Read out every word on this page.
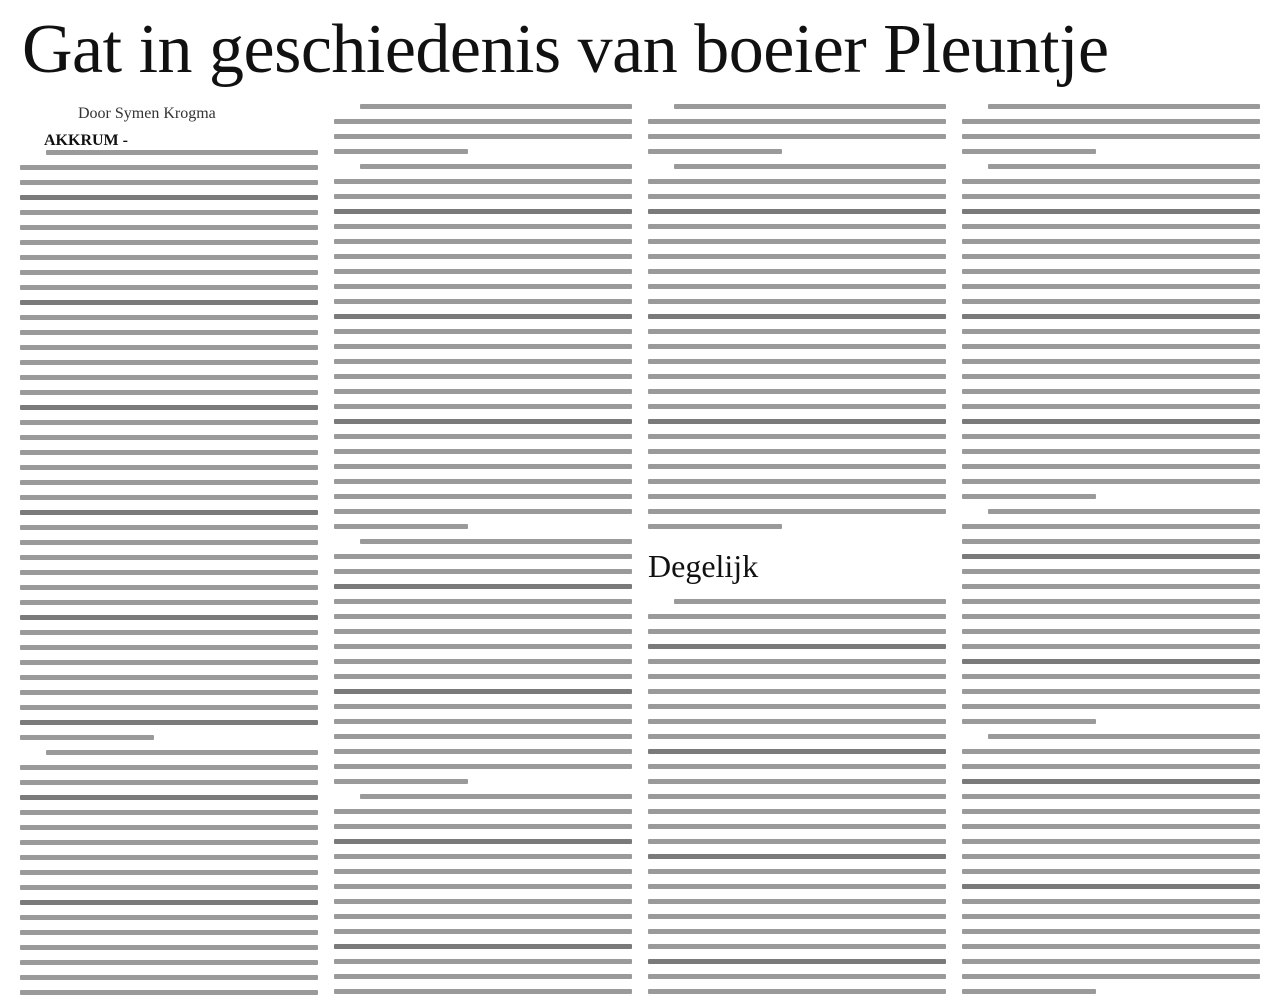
Gat in geschiedenis van boeier Pleuntje
Door Symen Krogma
AKKRUM -
Degelijk
